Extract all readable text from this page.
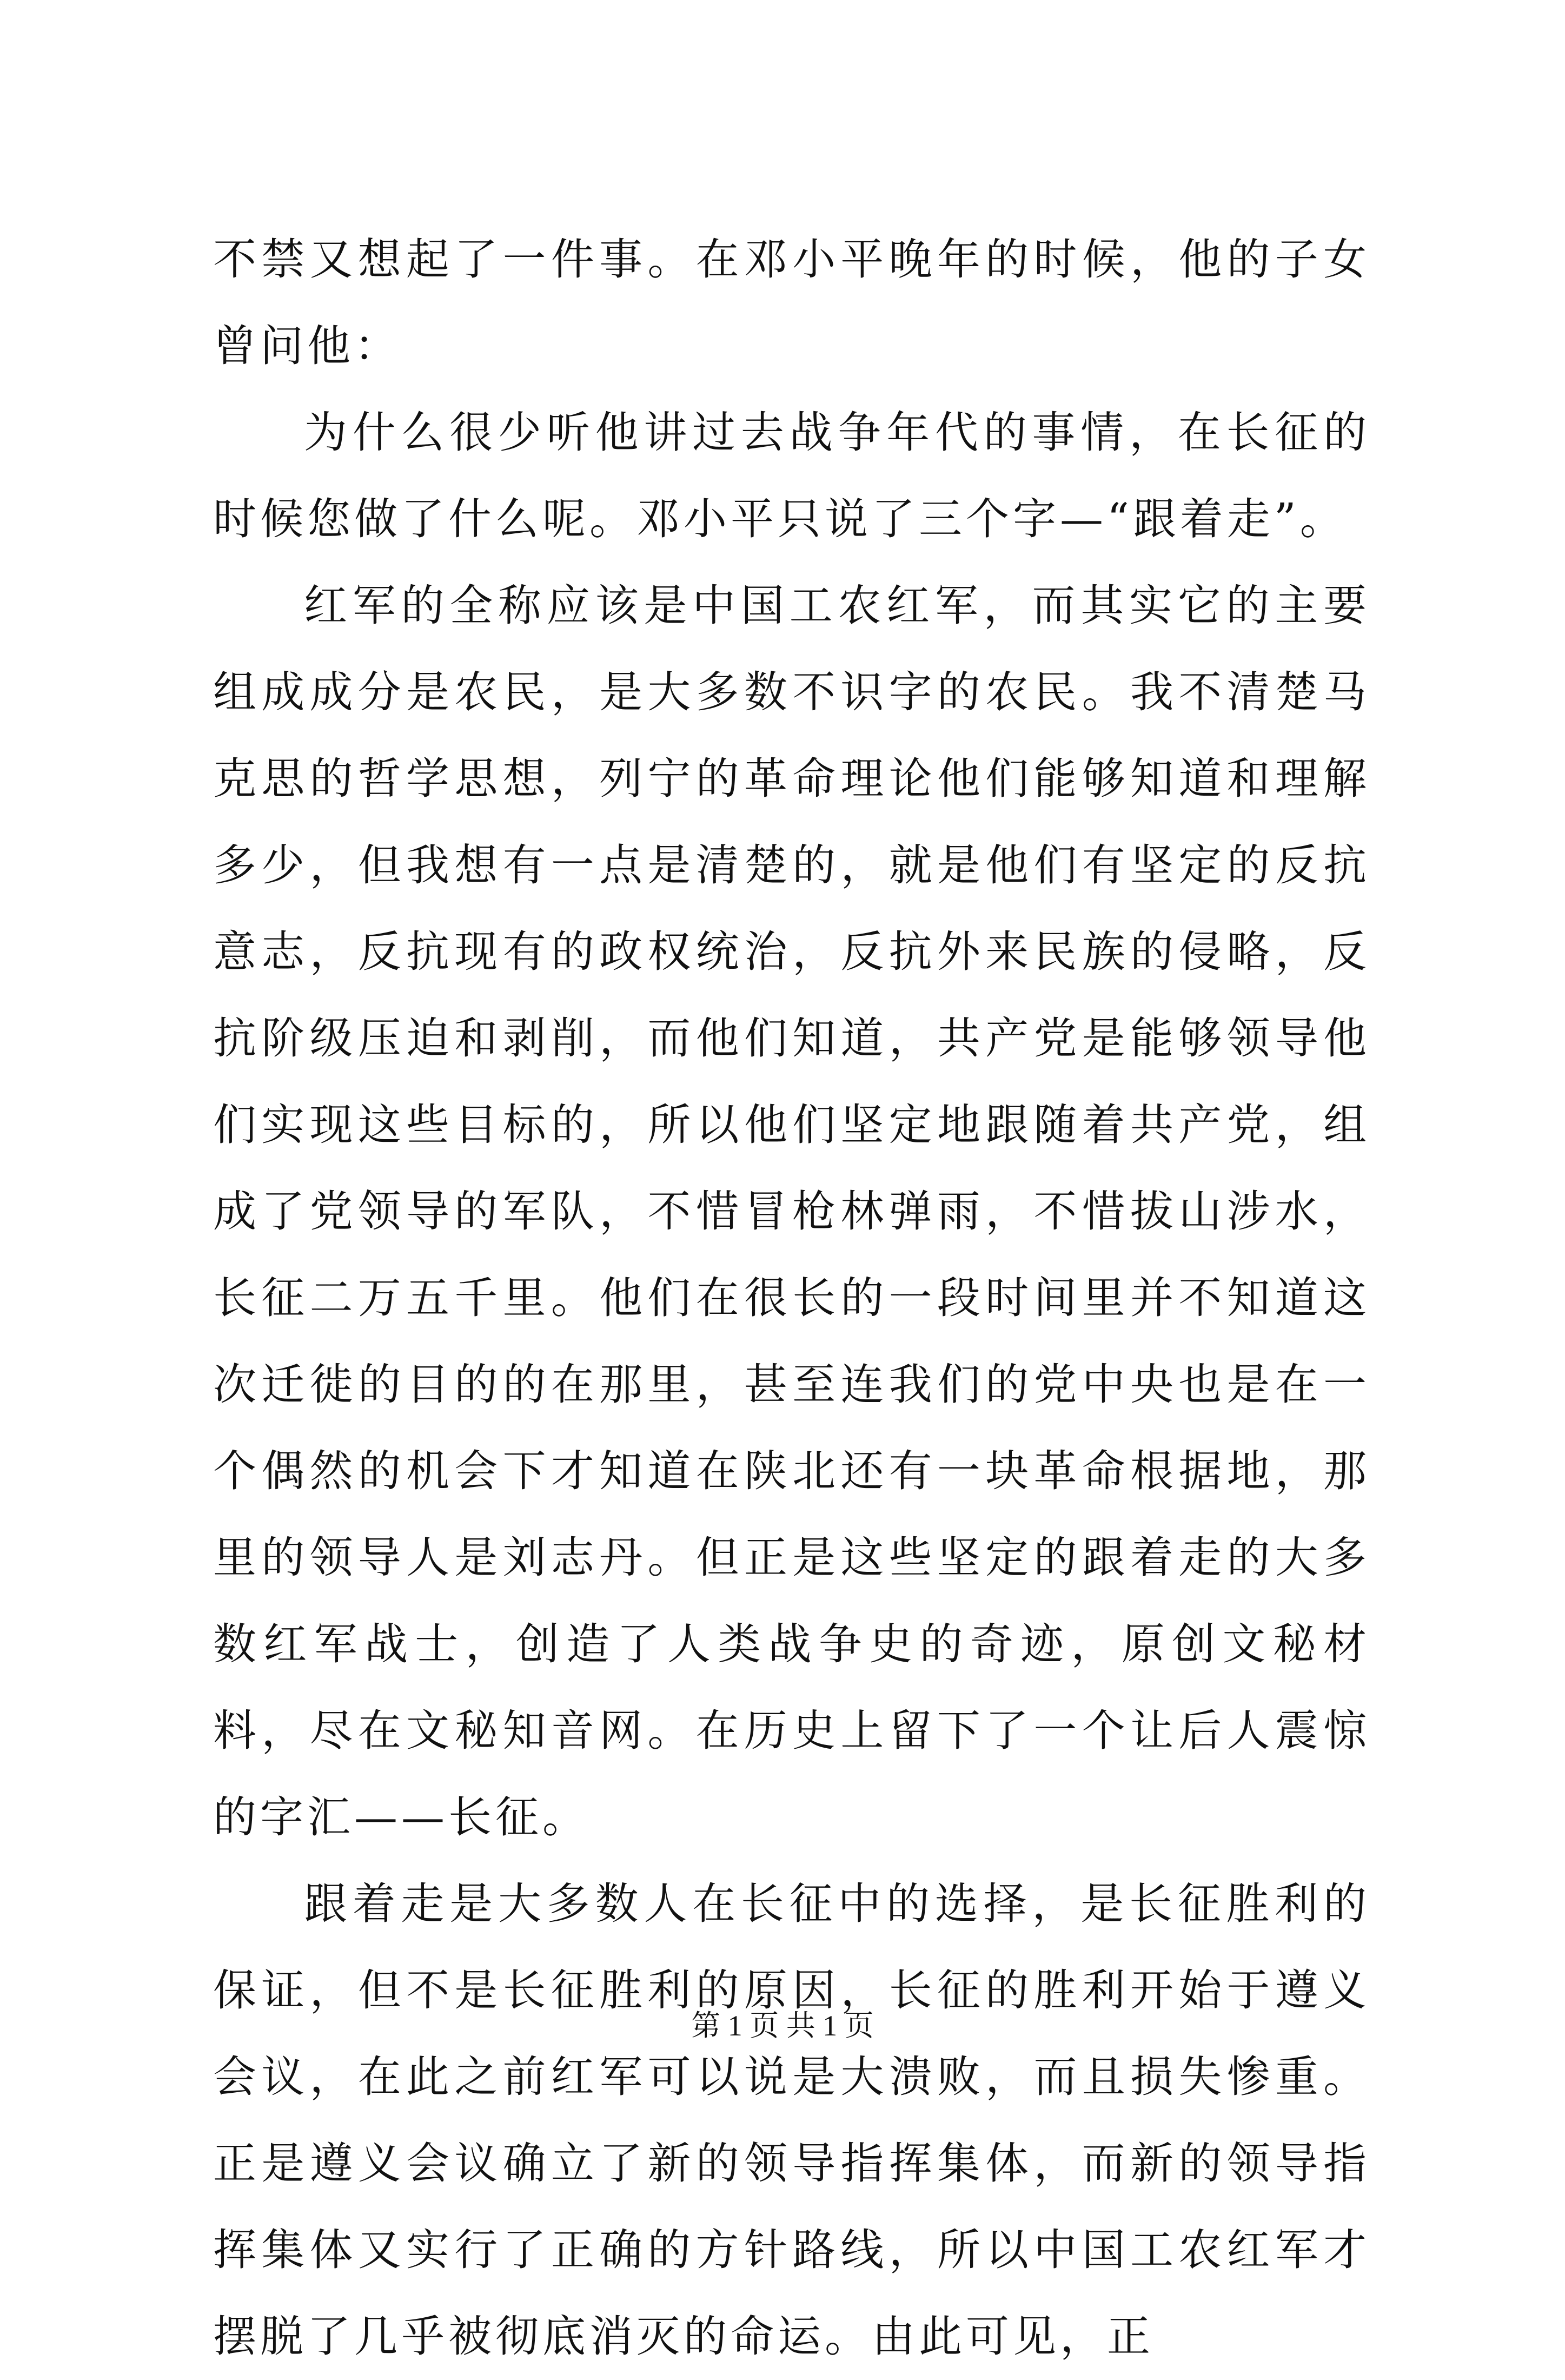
不禁又想起了一件事。在邓小平晚年的时候，他的子女曾问他：

为什么很少听他讲过去战争年代的事情，在长征的时候您做了什么呢。邓小平只说了三个字—“跟着走”。

红军的全称应该是中国工农红军，而其实它的主要组成成分是农民，是大多数不识字的农民。我不清楚马克思的哲学思想，列宁的革命理论他们能够知道和理解多少，但我想有一点是清楚的，就是他们有坚定的反抗意志，反抗现有的政权统治，反抗外来民族的侵略，反抗阶级压迫和剥削，而他们知道，共产党是能够领导他们实现这些目标的，所以他们坚定地跟随着共产党，组成了党领导的军队，不惜冒枪林弹雨，不惜拔山涉水，长征二万五千里。他们在很长的一段时间里并不知道这次迁徙的目的的在那里，甚至连我们的党中央也是在一个偶然的机会下才知道在陕北还有一块革命根据地，那里的领导人是刘志丹。但正是这些坚定的跟着走的大多数红军战士，创造了人类战争史的奇迹，原创文秘材料，尽在文秘知音网。在历史上留下了一个让后人震惊的字汇——长征。

跟着走是大多数人在长征中的选择，是长征胜利的保证，但不是长征胜利的原因，长征的胜利开始于遵义会议，在此之前红军可以说是大溃败，而且损失惨重。正是遵义会议确立了新的领导指挥集体，而新的领导指挥集体又实行了正确的方针路线，所以中国工农红军才摆脱了几乎被彻底消灭的命运。由此可见，正

第 1 页 共 1 页
